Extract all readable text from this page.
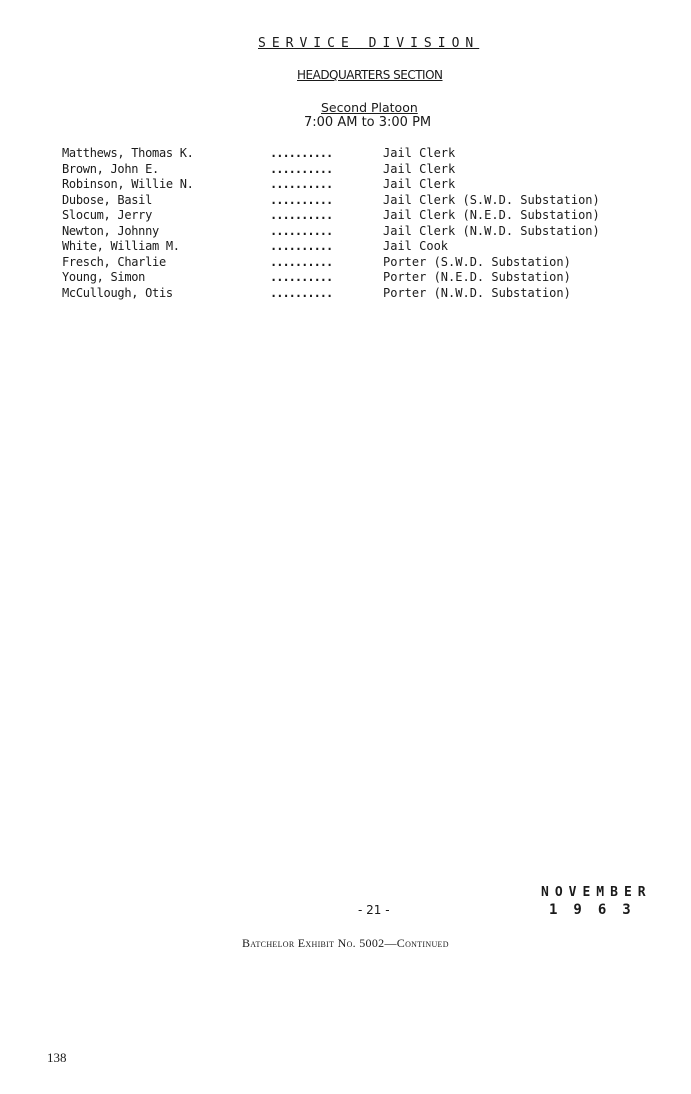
SERVICE DIVISION
HEADQUARTERS SECTION
Second Platoon
7:00 AM to 3:00 PM
Matthews, Thomas K.	..........	Jail Clerk
Brown, John E.	..........	Jail Clerk
Robinson, Willie N.	..........	Jail Clerk
Dubose, Basil	..........	Jail Clerk (S.W.D. Substation)
Slocum, Jerry	..........	Jail Clerk (N.E.D. Substation)
Newton, Johnny	..........	Jail Clerk (N.W.D. Substation)
White, William M.	..........	Jail Cook
Fresch, Charlie	..........	Porter (S.W.D. Substation)
Young, Simon	..........	Porter (N.E.D. Substation)
McCullough, Otis	..........	Porter (N.W.D. Substation)
NOVEMBER
1963
- 21 -
Batchelor Exhibit No. 5002—Continued
138
